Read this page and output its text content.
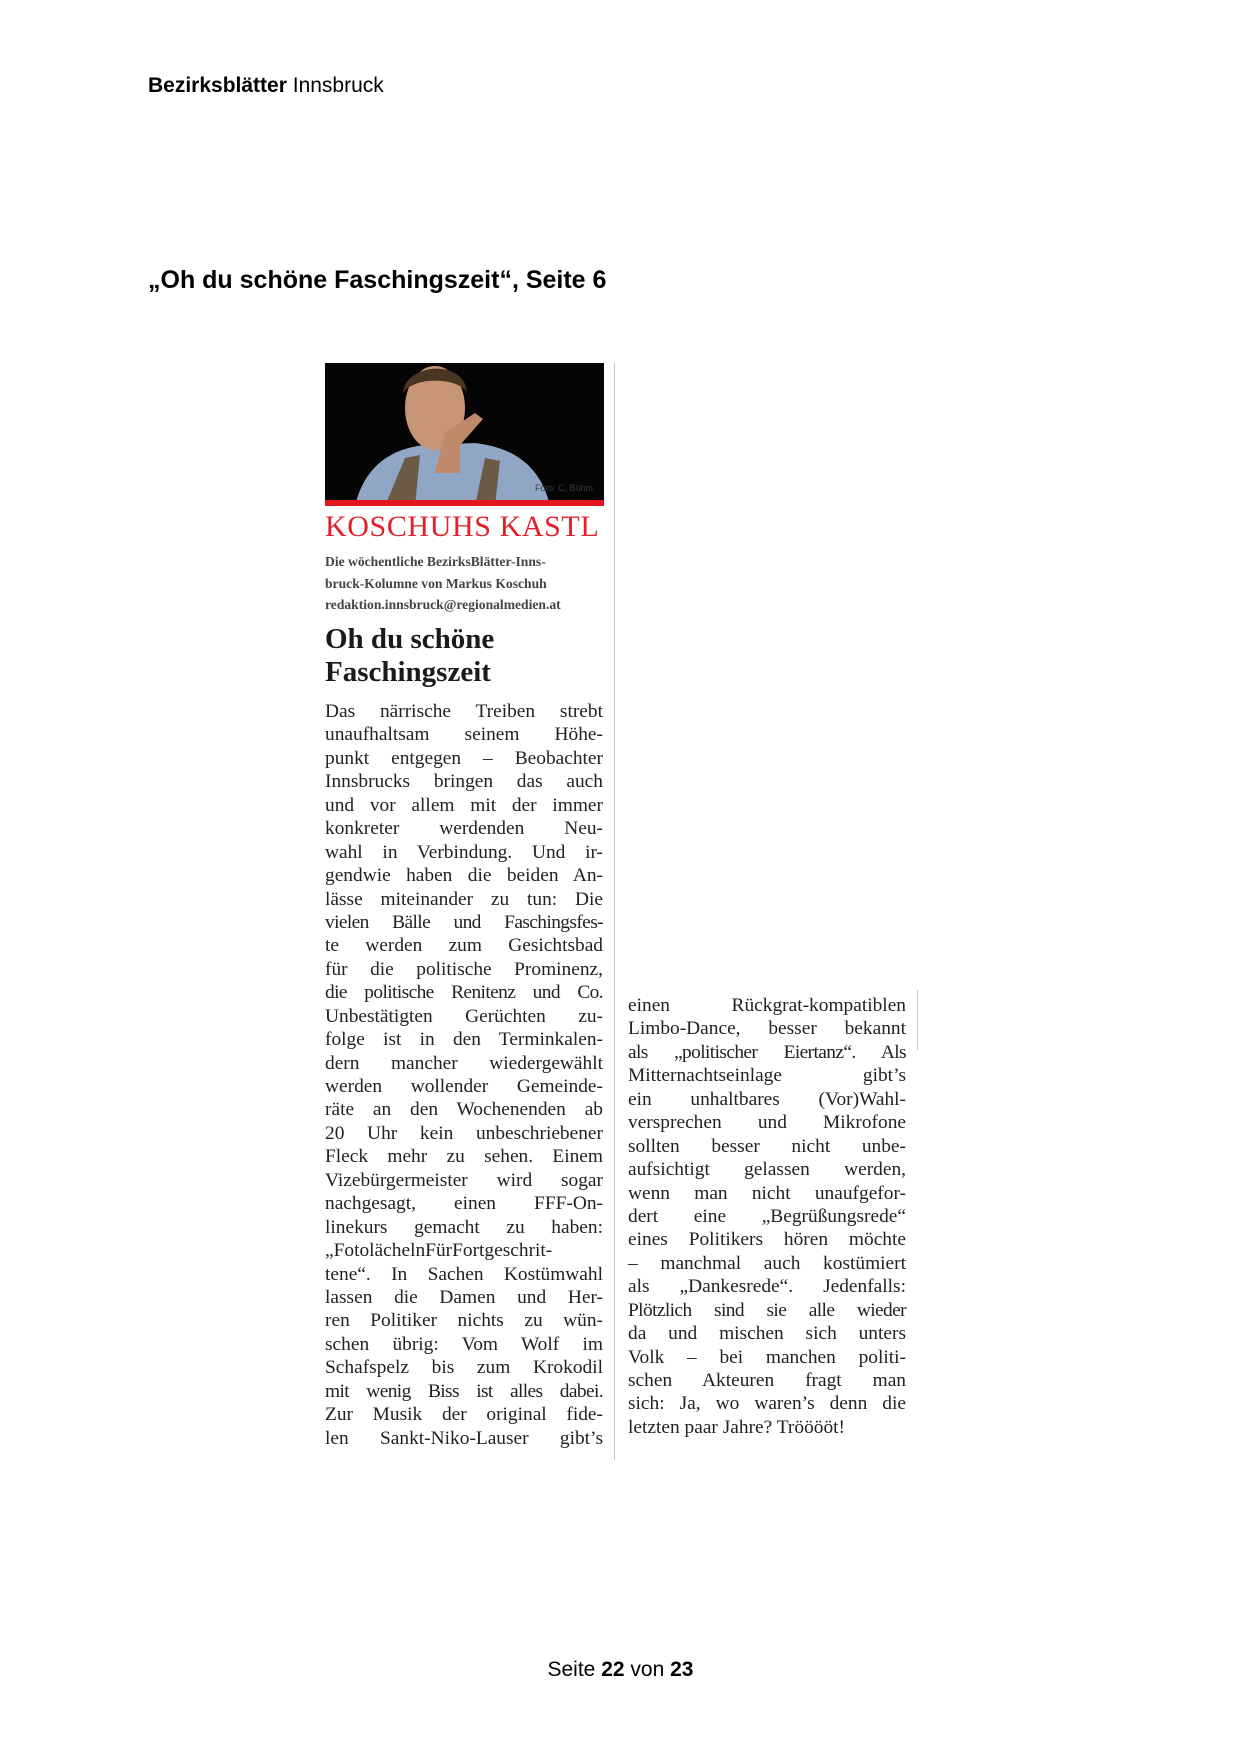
Bezirksblätter Innsbruck
„Oh du schöne Faschingszeit“, Seite 6
Foto: C. Böhm
KOSCHUHS KASTL
Die wöchentliche BezirksBlätter-Inns-
bruck-Kolumne von Markus Koschuh
redaktion.innsbruck@regionalmedien.at
Oh du schöne
Faschingszeit
Das närrische Treiben strebt
unaufhaltsam seinem Höhe-
punkt entgegen – Beobachter
Innsbrucks bringen das auch
und vor allem mit der immer
konkreter werdenden Neu-
wahl in Verbindung. Und ir-
gendwie haben die beiden An-
lässe miteinander zu tun: Die
vielen Bälle und Faschingsfes-
te werden zum Gesichtsbad
für die politische Prominenz,
die politische Renitenz und Co.
Unbestätigten Gerüchten zu-
folge ist in den Terminkalen-
dern mancher wiedergewählt
werden wollender Gemeinde-
räte an den Wochenenden ab
20 Uhr kein unbeschriebener
Fleck mehr zu sehen. Einem
Vizebürgermeister wird sogar
nachgesagt, einen FFF-On-
linekurs gemacht zu haben:
„FotolächelnFürFortgeschrit-
tene“. In Sachen Kostümwahl
lassen die Damen und Her-
ren Politiker nichts zu wün-
schen übrig: Vom Wolf im
Schafspelz bis zum Krokodil
mit wenig Biss ist alles dabei.
Zur Musik der original fide-
len Sankt-Niko-Lauser gibt’s
einen Rückgrat-kompatiblen
Limbo-Dance, besser bekannt
als „politischer Eiertanz“. Als
Mitternachtseinlage gibt’s
ein unhaltbares (Vor)Wahl-
versprechen und Mikrofone
sollten besser nicht unbe-
aufsichtigt gelassen werden,
wenn man nicht unaufgefor-
dert eine „Begrüßungsrede“
eines Politikers hören möchte
– manchmal auch kostümiert
als „Dankesrede“. Jedenfalls:
Plötzlich sind sie alle wieder
da und mischen sich unters
Volk – bei manchen politi-
schen Akteuren fragt man
sich: Ja, wo waren’s denn die
letzten paar Jahre? Trööööt!
Seite 22 von 23
